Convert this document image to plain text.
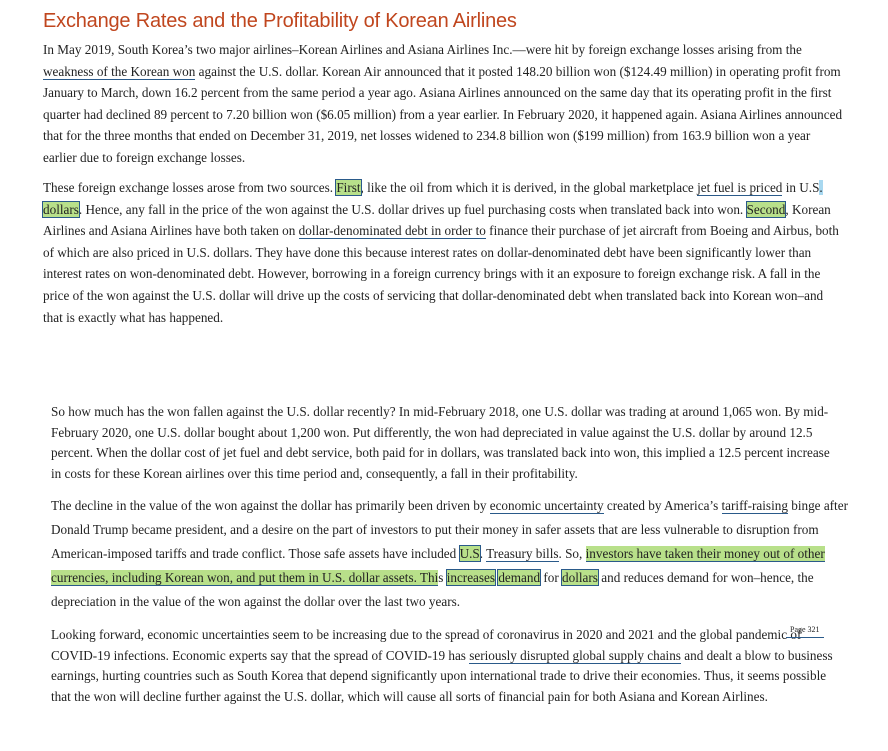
Exchange Rates and the Profitability of Korean Airlines

In May 2019, South Korea’s two major airlines–Korean Airlines and Asiana Airlines Inc.—were hit by foreign exchange losses arising from the weakness of the Korean won against the U.S. dollar. Korean Air announced that it posted 148.20 billion won ($124.49 million) in operating profit from January to March, down 16.2 percent from the same period a year ago. Asiana Airlines announced on the same day that its operating profit in the first quarter had declined 89 percent to 7.20 billion won ($6.05 million) from a year earlier. In February 2020, it happened again. Asiana Airlines announced that for the three months that ended on December 31, 2019, net losses widened to 234.8 billion won ($199 million) from 163.9 billion won a year earlier due to foreign exchange losses.

These foreign exchange losses arose from two sources. First, like the oil from which it is derived, in the global marketplace jet fuel is priced in U.S. dollars. Hence, any fall in the price of the won against the U.S. dollar drives up fuel purchasing costs when translated back into won. Second, Korean Airlines and Asiana Airlines have both taken on dollar-denominated debt in order to finance their purchase of jet aircraft from Boeing and Airbus, both of which are also priced in U.S. dollars. They have done this because interest rates on dollar-denominated debt have been significantly lower than interest rates on won-denominated debt. However, borrowing in a foreign currency brings with it an exposure to foreign exchange risk. A fall in the price of the won against the U.S. dollar will drive up the costs of servicing that dollar-denominated debt when translated back into Korean won–and that is exactly what has happened.

So how much has the won fallen against the U.S. dollar recently? In mid-February 2018, one U.S. dollar was trading at around 1,065 won. By mid-February 2020, one U.S. dollar bought about 1,200 won. Put differently, the won had depreciated in value against the U.S. dollar by around 12.5 percent. When the dollar cost of jet fuel and debt service, both paid for in dollars, was translated back into won, this implied a 12.5 percent increase in costs for these Korean airlines over this time period and, consequently, a fall in their profitability.

The decline in the value of the won against the dollar has primarily been driven by economic uncertainty created by America’s tariff-raising binge after Donald Trump became president, and a desire on the part of investors to put their money in safer assets that are less vulnerable to disruption from American-imposed tariffs and trade conflict. Those safe assets have included U.S. Treasury bills. So, investors have taken their money out of other currencies, including Korean won, and put them in U.S. dollar assets. This increases demand for dollars and reduces demand for won–hence, the depreciation in the value of the won against the dollar over the last two years.

Looking forward, economic uncertainties seem to be increasing due to the spread of coronavirus in 2020 and 2021 and the global pandemic of COVID-19 infections. Economic experts say that the spread of COVID-19 has seriously disrupted global supply chains and dealt a blow to business earnings, hurting countries such as South Korea that depend significantly upon international trade to drive their economies. Thus, it seems possible that the won will decline further against the U.S. dollar, which will cause all sorts of financial pain for both Asiana and Korean Airlines.

Page 321
